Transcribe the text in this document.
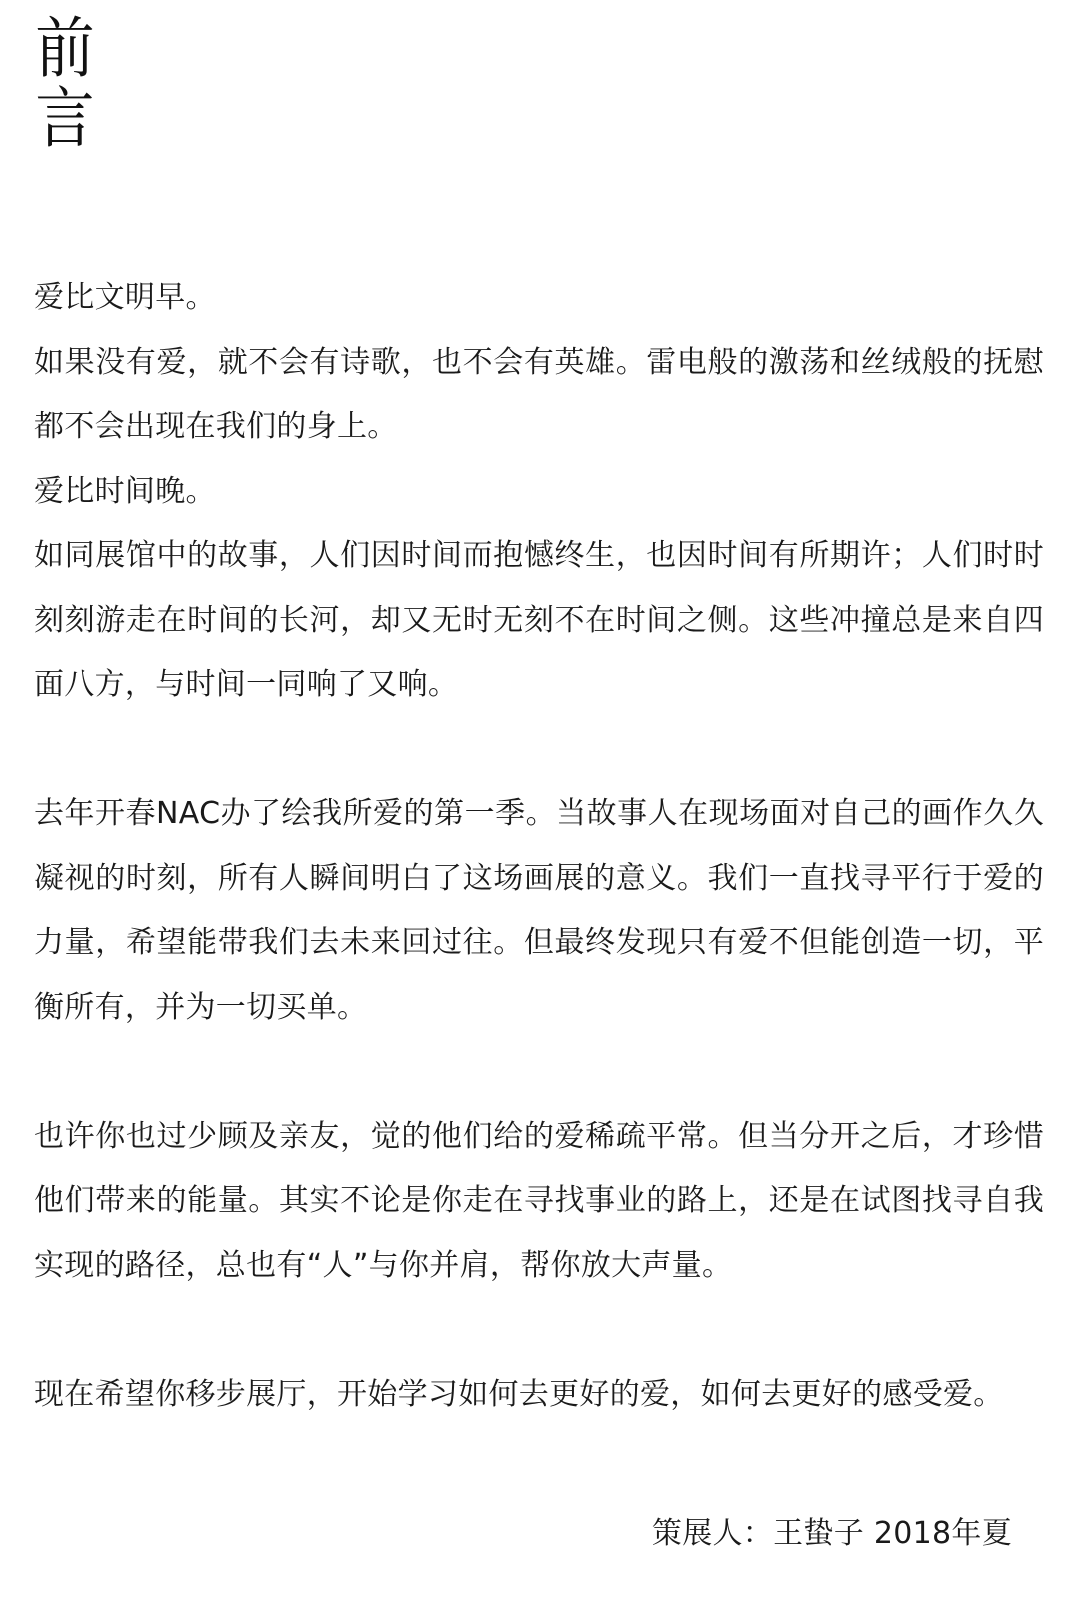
前
言

爱比文明早。

如果没有爱，就不会有诗歌，也不会有英雄。雷电般的激荡和丝绒般的抚慰都不会出现在我们的身上。

爱比时间晚。

如同展馆中的故事，人们因时间而抱憾终生，也因时间有所期许；人们时时刻刻游走在时间的长河，却又无时无刻不在时间之侧。这些冲撞总是来自四面八方，与时间一同响了又响。

去年开春NAC办了绘我所爱的第一季。当故事人在现场面对自己的画作久久凝视的时刻，所有人瞬间明白了这场画展的意义。我们一直找寻平行于爱的力量，希望能带我们去未来回过往。但最终发现只有爱不但能创造一切，平衡所有，并为一切买单。

也许你也过少顾及亲友，觉的他们给的爱稀疏平常。但当分开之后，才珍惜他们带来的能量。其实不论是你走在寻找事业的路上，还是在试图找寻自我实现的路径，总也有“人”与你并肩，帮你放大声量。

现在希望你移步展厅，开始学习如何去更好的爱，如何去更好的感受爱。

策展人：王蛰子 2018年夏
